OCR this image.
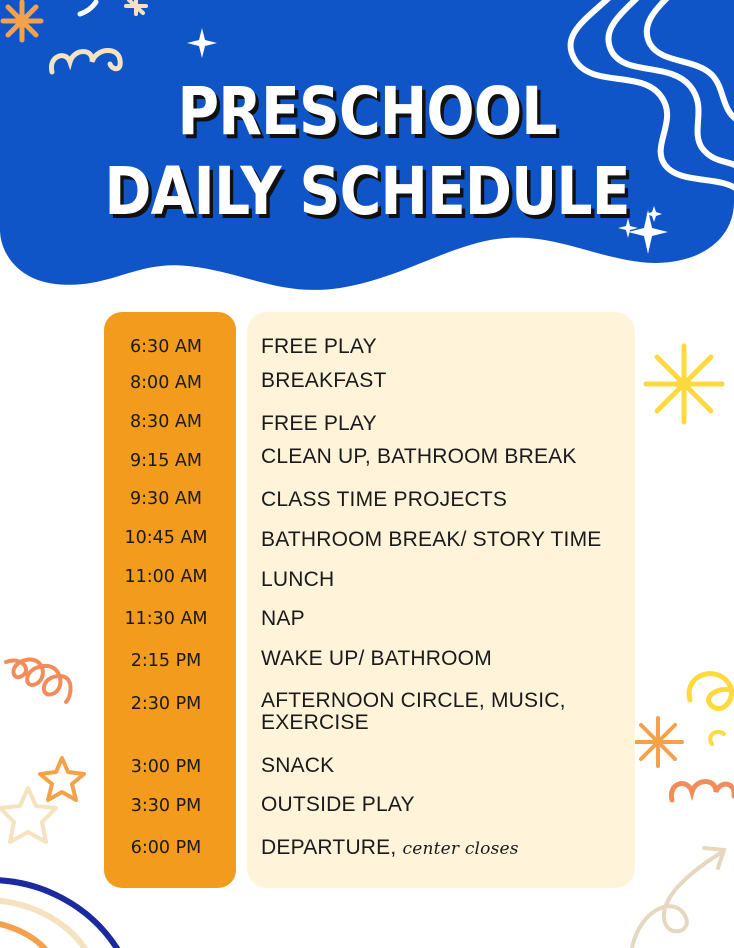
PRESCHOOL
DAILY SCHEDULE
6:30 AM	FREE PLAY
8:00 AM	BREAKFAST
8:30 AM	FREE PLAY
9:15 AM	CLEAN UP, BATHROOM BREAK
9:30 AM	CLASS TIME PROJECTS
10:45 AM	BATHROOM BREAK/ STORY TIME
11:00 AM	LUNCH
11:30 AM	NAP
2:15 PM	WAKE UP/ BATHROOM
2:30 PM	AFTERNOON CIRCLE, MUSIC, EXERCISE
3:00 PM	SNACK
3:30 PM	OUTSIDE PLAY
6:00 PM	DEPARTURE, center closes
